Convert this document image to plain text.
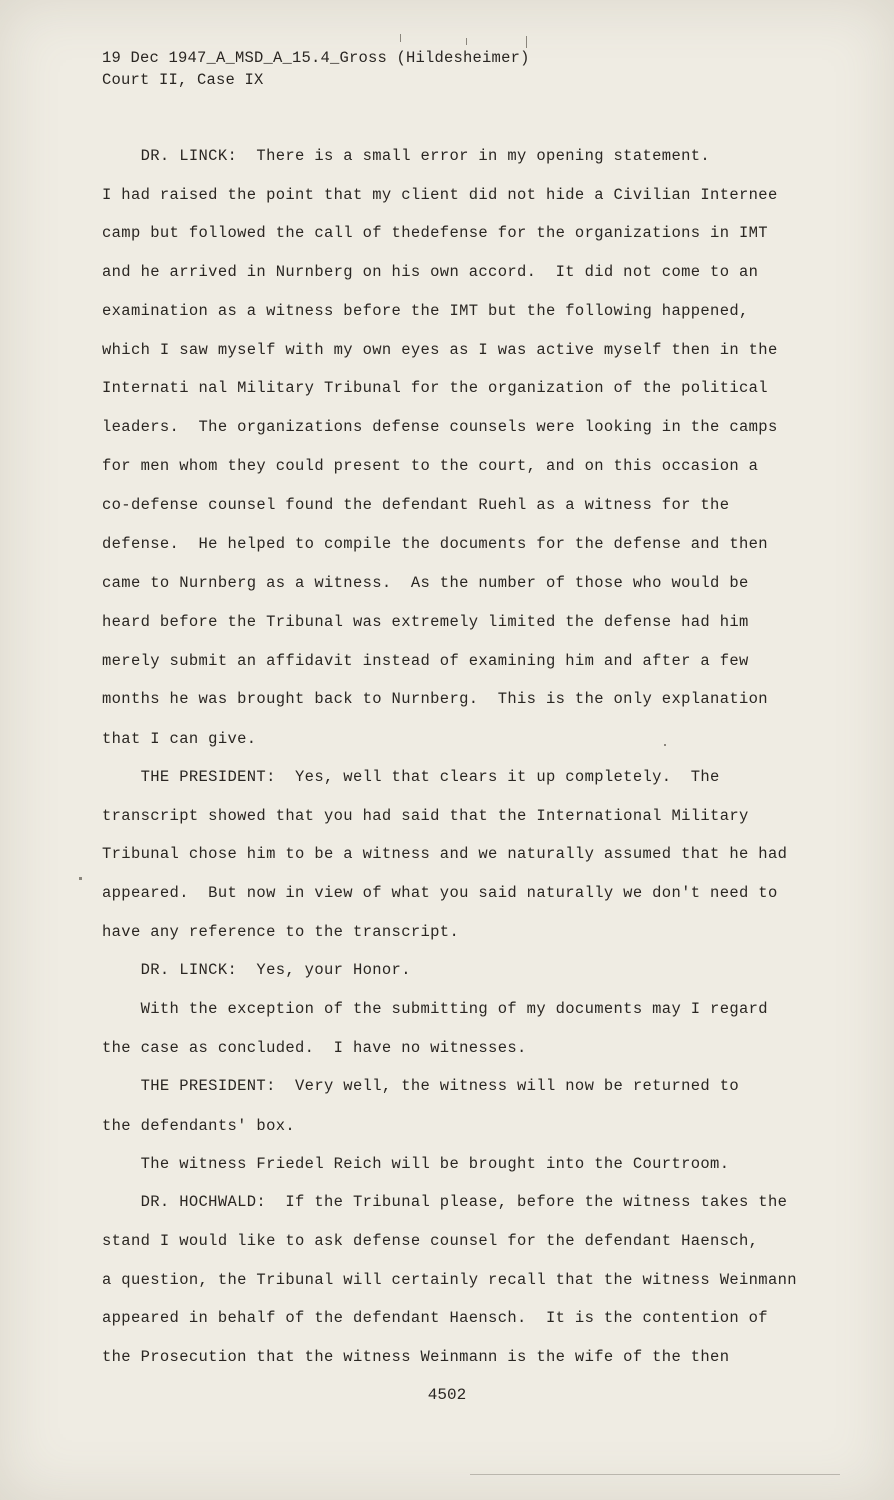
19 Dec 1947_A_MSD_A_15.4_Gross (Hildesheimer)
Court II, Case IX
DR. LINCK:  There is a small error in my opening statement.
I had raised the point that my client did not hide a Civilian Internee
camp but followed the call of thedefense for the organizations in IMT
and he arrived in Nurnberg on his own accord.  It did not come to an
examination as a witness before the IMT but the following happened,
which I saw myself with my own eyes as I was active myself then in the
Internati nal Military Tribunal for the organization of the political
leaders.  The organizations defense counsels were looking in the camps
for men whom they could present to the court, and on this occasion a
co-defense counsel found the defendant Ruehl as a witness for the
defense.  He helped to compile the documents for the defense and then
came to Nurnberg as a witness.  As the number of those who would be
heard before the Tribunal was extremely limited the defense had him
merely submit an affidavit instead of examining him and after a few
months he was brought back to Nurnberg.  This is the only explanation
that I can give.
THE PRESIDENT:  Yes, well that clears it up completely.  The
transcript showed that you had said that the International Military
Tribunal chose him to be a witness and we naturally assumed that he had
appeared.  But now in view of what you said naturally we don't need to
have any reference to the transcript.
DR. LINCK:  Yes, your Honor.
With the exception of the submitting of my documents may I regard
the case as concluded.  I have no witnesses.
THE PRESIDENT:  Very well, the witness will now be returned to
the defendants' box.
The witness Friedel Reich will be brought into the Courtroom.
DR. HOCHWALD:  If the Tribunal please, before the witness takes the
stand I would like to ask defense counsel for the defendant Haensch,
a question, the Tribunal will certainly recall that the witness Weinmann
appeared in behalf of the defendant Haensch.  It is the contention of
the Prosecution that the witness Weinmann is the wife of the then
4502
